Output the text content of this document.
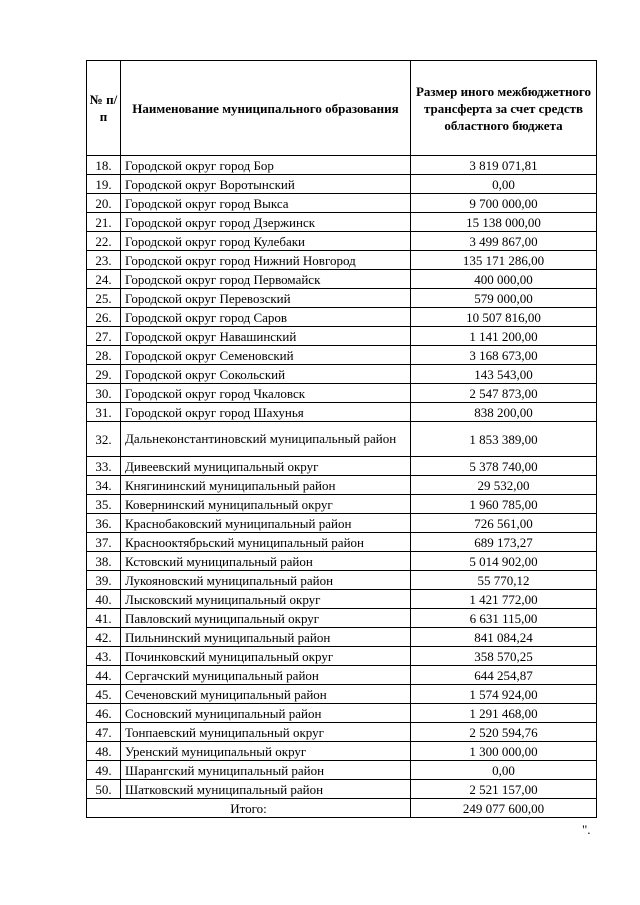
№ п/п	Наименование муниципального образования	Размер иного межбюджетного трансферта за счет средств областного бюджета
18.	Городской округ город Бор	3 819 071,81
19.	Городской округ Воротынский	0,00
20.	Городской округ город Выкса	9 700 000,00
21.	Городской округ город Дзержинск	15 138 000,00
22.	Городской округ город Кулебаки	3 499 867,00
23.	Городской округ город Нижний Новгород	135 171 286,00
24.	Городской округ город Первомайск	400 000,00
25.	Городской округ Перевозский	579 000,00
26.	Городской округ город Саров	10 507 816,00
27.	Городской округ Навашинский	1 141 200,00
28.	Городской округ Семеновский	3 168 673,00
29.	Городской округ Сокольский	143 543,00
30.	Городской округ город Чкаловск	2 547 873,00
31.	Городской округ город Шахунья	838 200,00
32.	Дальнеконстантиновский муниципальный район	1 853 389,00
33.	Дивеевский муниципальный округ	5 378 740,00
34.	Княгининский муниципальный район	29 532,00
35.	Ковернинский муниципальный округ	1 960 785,00
36.	Краснобаковский муниципальный район	726 561,00
37.	Краснооктябрьский муниципальный район	689 173,27
38.	Кстовский муниципальный район	5 014 902,00
39.	Лукояновский муниципальный район	55 770,12
40.	Лысковский муниципальный округ	1 421 772,00
41.	Павловский муниципальный округ	6 631 115,00
42.	Пильнинский муниципальный район	841 084,24
43.	Починковский муниципальный округ	358 570,25
44.	Сергачский муниципальный район	644 254,87
45.	Сеченовский муниципальный район	1 574 924,00
46.	Сосновский муниципальный район	1 291 468,00
47.	Тонпаевский муниципальный округ	2 520 594,76
48.	Уренский муниципальный округ	1 300 000,00
49.	Шарангский муниципальный район	0,00
50.	Шатковский муниципальный район	2 521 157,00
Итого:		249 077 600,00
".
